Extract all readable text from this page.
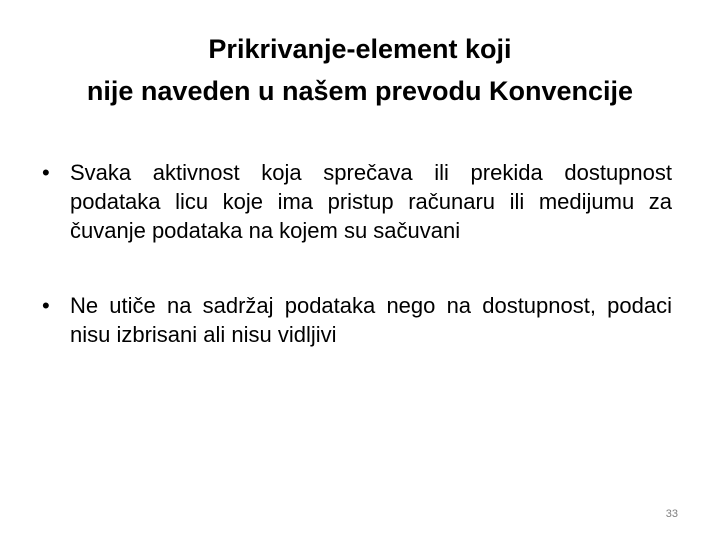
Prikrivanje-element koji
nije naveden u našem prevodu Konvencije
• Svaka aktivnost koja sprečava ili prekida dostupnost podataka licu koje ima pristup računaru ili medijumu za čuvanje podataka na kojem su sačuvani
• Ne utiče na sadržaj podataka nego na dostupnost, podaci nisu izbrisani ali nisu vidljivi
33
